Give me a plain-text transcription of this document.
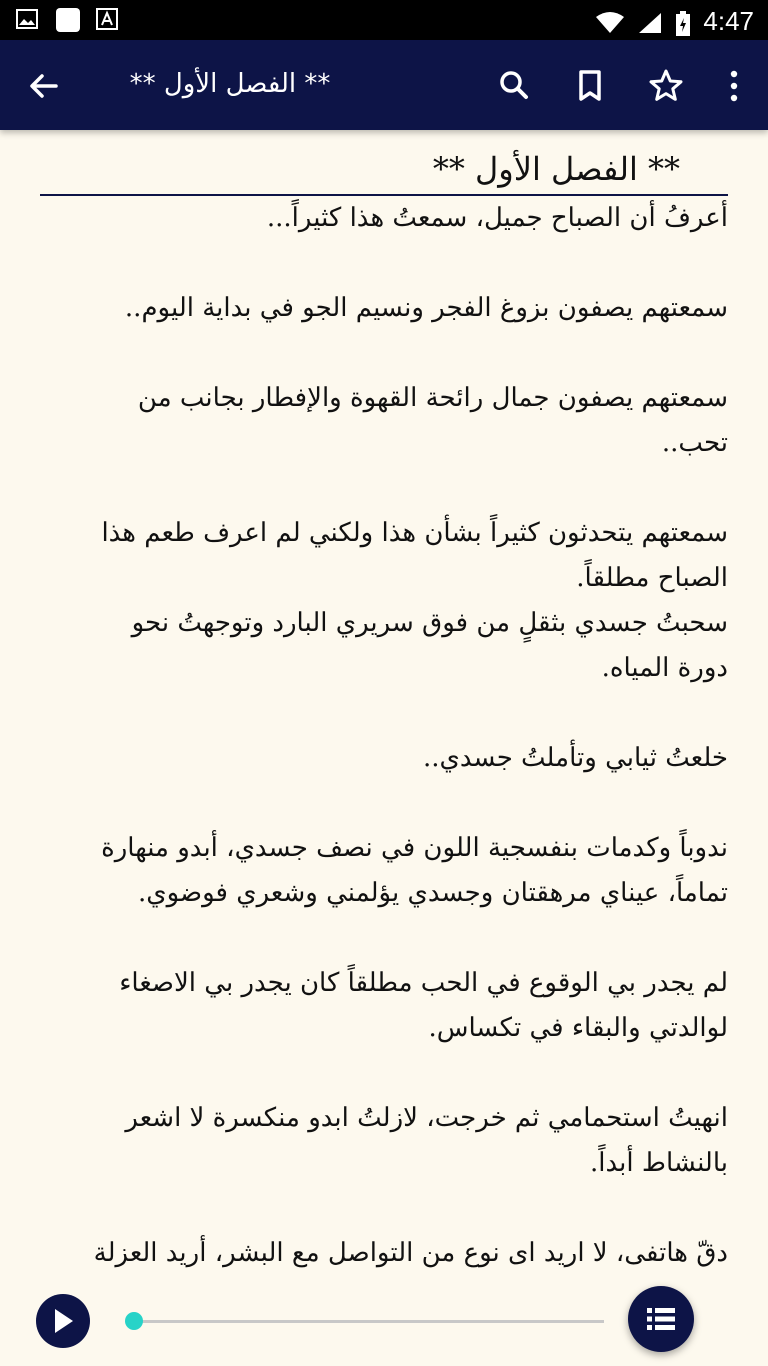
4:47
** الفصل الأول **
** الفصل الأول **

أعرفُ أن الصباح جميل، سمعتُ هذا كثيراً...

سمعتهم يصفون بزوغ الفجر ونسيم الجو في بداية اليوم..

سمعتهم يصفون جمال رائحة القهوة والإفطار بجانب من
تحب..

سمعتهم يتحدثون كثيراً بشأن هذا ولكني لم اعرف طعم هذا
الصباح مطلقاً.
سحبتُ جسدي بثقلٍ من فوق سريري البارد وتوجهتُ نحو
دورة المياه.

خلعتُ ثيابي وتأملتُ جسدي..

ندوباً وكدمات بنفسجية اللون في نصف جسدي، أبدو منهارة
تماماً، عيناي مرهقتان وجسدي يؤلمني وشعري فوضوي.

لم يجدر بي الوقوع في الحب مطلقاً كان يجدر بي الاصغاء
لوالدتي والبقاء في تكساس.

انهيتُ استحمامي ثم خرجت، لازلتُ ابدو منكسرة لا اشعر
بالنشاط أبداً.

دقّ هاتفى، لا اريد اى نوع من التواصل مع البشر، أريد العزلة
